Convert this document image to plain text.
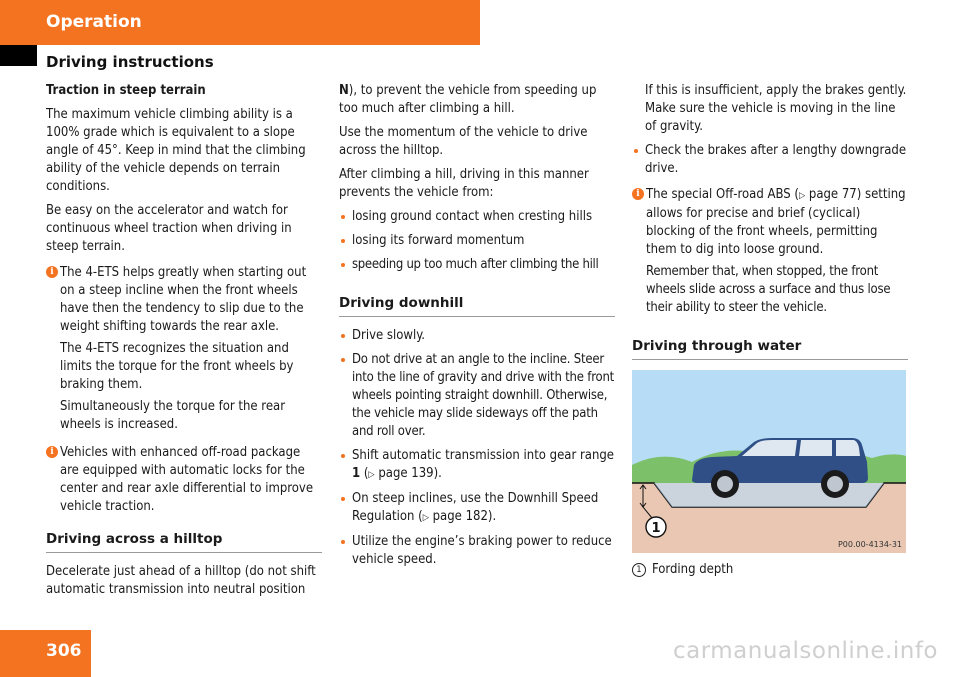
Operation
Driving instructions

Traction in steep terrain

The maximum vehicle climbing ability is a 100% grade which is equivalent to a slope angle of 45°. Keep in mind that the climbing ability of the vehicle depends on terrain conditions.

Be easy on the accelerator and watch for continuous wheel traction when driving in steep terrain.

i The 4-ETS helps greatly when starting out on a steep incline when the front wheels have then the tendency to slip due to the weight shifting towards the rear axle.

The 4-ETS recognizes the situation and limits the torque for the front wheels by braking them.

Simultaneously the torque for the rear wheels is increased.

i Vehicles with enhanced off-road package are equipped with automatic locks for the center and rear axle differential to improve vehicle traction.

Driving across a hilltop

Decelerate just ahead of a hilltop (do not shift automatic transmission into neutral position

N), to prevent the vehicle from speeding up too much after climbing a hill.

Use the momentum of the vehicle to drive across the hilltop.

After climbing a hill, driving in this manner prevents the vehicle from:

losing ground contact when cresting hills
losing its forward momentum
speeding up too much after climbing the hill
Driving downhill
Drive slowly.
Do not drive at an angle to the incline. Steer into the line of gravity and drive with the front wheels pointing straight downhill. Otherwise, the vehicle may slide sideways off the path and roll over.
Shift automatic transmission into gear range 1 (▷ page 139).
On steep inclines, use the Downhill Speed Regulation (▷ page 182).
Utilize the engine’s braking power to reduce vehicle speed.

If this is insufficient, apply the brakes gently. Make sure the vehicle is moving in the line of gravity.

Check the brakes after a lengthy downgrade drive.
i The special Off-road ABS (▷ page 77) setting allows for precise and brief (cyclical) blocking of the front wheels, permitting them to dig into loose ground.

Remember that, when stopped, the front wheels slide across a surface and thus lose their ability to steer the vehicle.

Driving through water
1
P00.00-4134-31
1 Fording depth
306	carmanualsonline.info
